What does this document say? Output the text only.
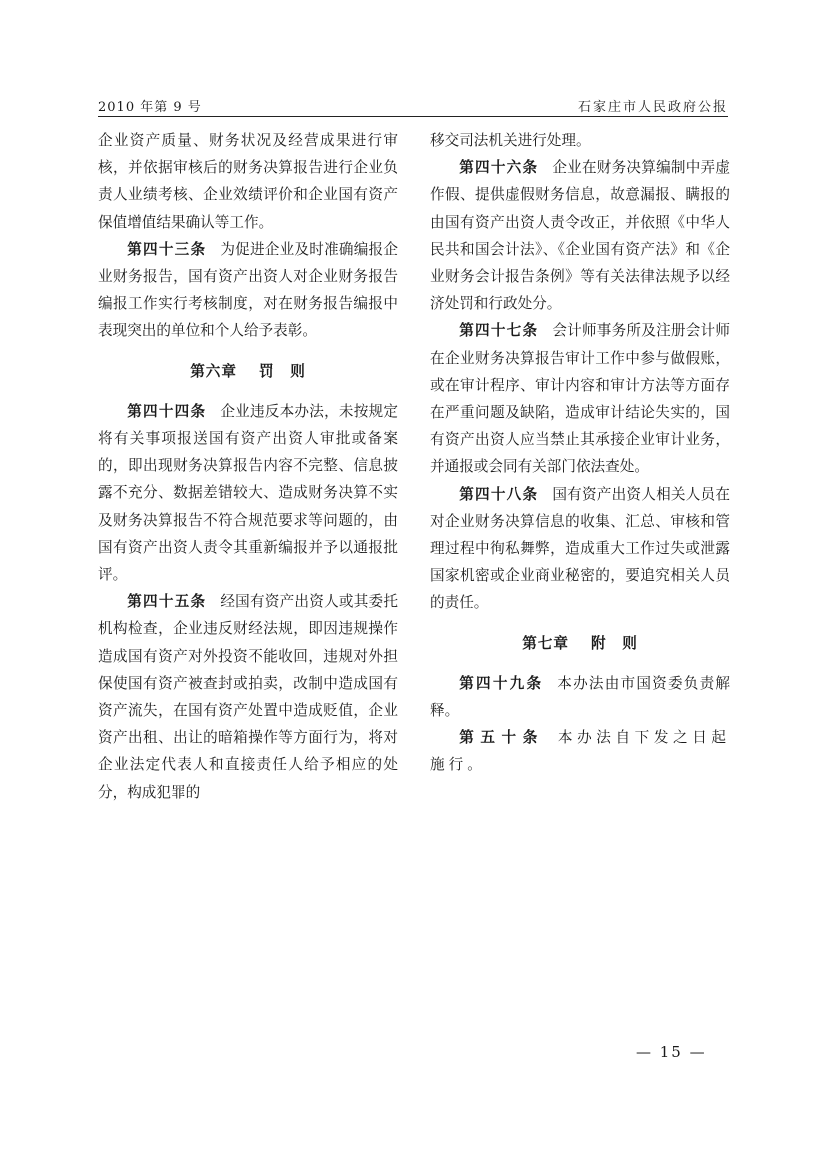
2010 年第 9 号	石家庄市人民政府公报

企业资产质量、财务状况及经营成果进行审核，并依据审核后的财务决算报告进行企业负责人业绩考核、企业效绩评价和企业国有资产保值增值结果确认等工作。

第四十三条 为促进企业及时准确编报企业财务报告，国有资产出资人对企业财务报告编报工作实行考核制度，对在财务报告编报中表现突出的单位和个人给予表彰。

第六章 罚　则

第四十四条 企业违反本办法，未按规定将有关事项报送国有资产出资人审批或备案的，即出现财务决算报告内容不完整、信息披露不充分、数据差错较大、造成财务决算不实及财务决算报告不符合规范要求等问题的，由国有资产出资人责令其重新编报并予以通报批评。

第四十五条 经国有资产出资人或其委托机构检查，企业违反财经法规，即因违规操作造成国有资产对外投资不能收回，违规对外担保使国有资产被查封或拍卖，改制中造成国有资产流失，在国有资产处置中造成贬值，企业资产出租、出让的暗箱操作等方面行为，将对企业法定代表人和直接责任人给予相应的处分，构成犯罪的

移交司法机关进行处理。

第四十六条 企业在财务决算编制中弄虚作假、提供虚假财务信息，故意漏报、瞒报的由国有资产出资人责令改正，并依照《中华人民共和国会计法》、《企业国有资产法》和《企业财务会计报告条例》等有关法律法规予以经济处罚和行政处分。

第四十七条 会计师事务所及注册会计师在企业财务决算报告审计工作中参与做假账，或在审计程序、审计内容和审计方法等方面存在严重问题及缺陷，造成审计结论失实的，国有资产出资人应当禁止其承接企业审计业务，并通报或会同有关部门依法查处。

第四十八条 国有资产出资人相关人员在对企业财务决算信息的收集、汇总、审核和管理过程中徇私舞弊，造成重大工作过失或泄露国家机密或企业商业秘密的，要追究相关人员的责任。

第七章 附　则

第四十九条 本办法由市国资委负责解释。

第五十条 本办法自下发之日起施行。

— 15 —
